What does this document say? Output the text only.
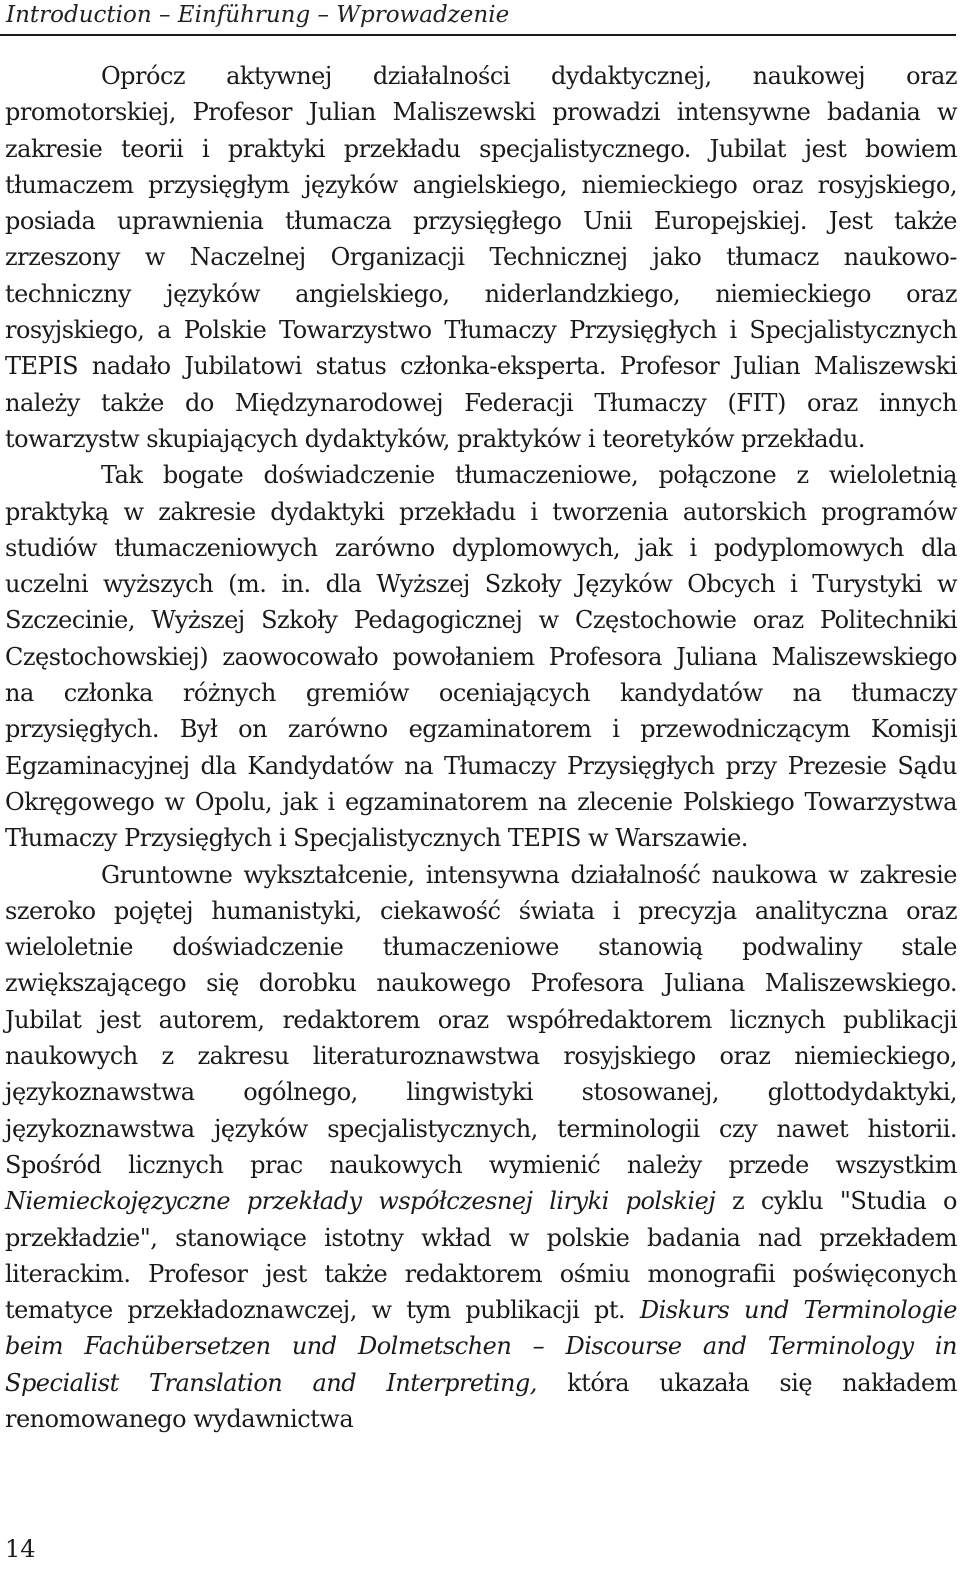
Introduction – Einführung – Wprowadzenie

Oprócz aktywnej działalności dydaktycznej, naukowej oraz promotorskiej, Profesor Julian Maliszewski prowadzi intensywne badania w zakresie teorii i praktyki przekładu specjalistycznego. Jubilat jest bowiem tłumaczem przysięgłym języków angielskiego, niemieckiego oraz rosyjskiego, posiada uprawnienia tłumacza przysięgłego Unii Europejskiej. Jest także zrzeszony w Naczelnej Organizacji Technicznej jako tłumacz naukowo-techniczny języków angielskiego, niderlandzkiego, niemieckiego oraz rosyjskiego, a Polskie Towarzystwo Tłumaczy Przysięgłych i Specjalistycznych TEPIS nadało Jubilatowi status członka-eksperta. Profesor Julian Maliszewski należy także do Międzynarodowej Federacji Tłumaczy (FIT) oraz innych towarzystw skupiających dydaktyków, praktyków i teoretyków przekładu.

Tak bogate doświadczenie tłumaczeniowe, połączone z wieloletnią praktyką w zakresie dydaktyki przekładu i tworzenia autorskich programów studiów tłumaczeniowych zarówno dyplomowych, jak i podyplomowych dla uczelni wyższych (m. in. dla Wyższej Szkoły Języków Obcych i Turystyki w Szczecinie, Wyższej Szkoły Pedagogicznej w Częstochowie oraz Politechniki Częstochowskiej) zaowocowało powołaniem Profesora Juliana Maliszewskiego na członka różnych gremiów oceniających kandydatów na tłumaczy przysięgłych. Był on zarówno egzaminatorem i przewodniczącym Komisji Egzaminacyjnej dla Kandydatów na Tłumaczy Przysięgłych przy Prezesie Sądu Okręgowego w Opolu, jak i egzaminatorem na zlecenie Polskiego Towarzystwa Tłumaczy Przysięgłych i Specjalistycznych TEPIS w Warszawie.

Gruntowne wykształcenie, intensywna działalność naukowa w zakresie szeroko pojętej humanistyki, ciekawość świata i precyzja analityczna oraz wieloletnie doświadczenie tłumaczeniowe stanowią podwaliny stale zwiększającego się dorobku naukowego Profesora Juliana Maliszewskiego. Jubilat jest autorem, redaktorem oraz współredaktorem licznych publikacji naukowych z zakresu literaturoznawstwa rosyjskiego oraz niemieckiego, językoznawstwa ogólnego, lingwistyki stosowanej, glottodydaktyki, językoznawstwa języków specjalistycznych, terminologii czy nawet historii. Spośród licznych prac naukowych wymienić należy przede wszystkim Niemieckojęzyczne przekłady współczesnej liryki polskiej z cyklu "Studia o przekładzie", stanowiące istotny wkład w polskie badania nad przekładem literackim. Profesor jest także redaktorem ośmiu monografii poświęconych tematyce przekładoznawczej, w tym publikacji pt. Diskurs und Terminologie beim Fachübersetzen und Dolmetschen – Discourse and Terminology in Specialist Translation and Interpreting, która ukazała się nakładem renomowanego wydawnictwa

14
